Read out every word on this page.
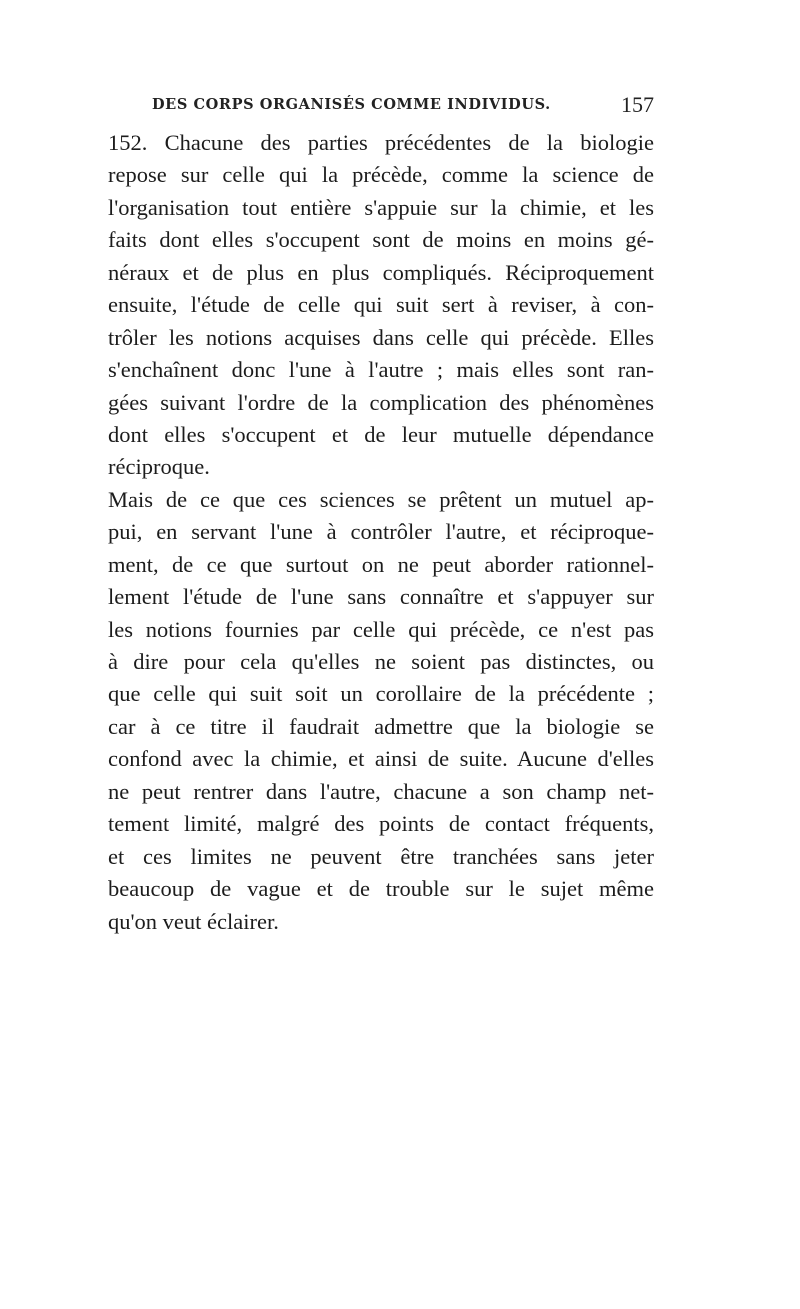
DES CORPS ORGANISÉS COMME INDIVIDUS.	157
152. Chacune des parties précédentes de la biologie
repose sur celle qui la précède, comme la science de
l'organisation tout entière s'appuie sur la chimie, et les
faits dont elles s'occupent sont de moins en moins gé-
néraux et de plus en plus compliqués. Réciproquement
ensuite, l'étude de celle qui suit sert à reviser, à con-
trôler les notions acquises dans celle qui précède. Elles
s'enchaînent donc l'une à l'autre ; mais elles sont ran-
gées suivant l'ordre de la complication des phénomènes
dont elles s'occupent et de leur mutuelle dépendance
réciproque.
Mais de ce que ces sciences se prêtent un mutuel ap-
pui, en servant l'une à contrôler l'autre, et réciproque-
ment, de ce que surtout on ne peut aborder rationnel-
lement l'étude de l'une sans connaître et s'appuyer sur
les notions fournies par celle qui précède, ce n'est pas
à dire pour cela qu'elles ne soient pas distinctes, ou
que celle qui suit soit un corollaire de la précédente ;
car à ce titre il faudrait admettre que la biologie se
confond avec la chimie, et ainsi de suite. Aucune d'elles
ne peut rentrer dans l'autre, chacune a son champ net-
tement limité, malgré des points de contact fréquents,
et ces limites ne peuvent être tranchées sans jeter
beaucoup de vague et de trouble sur le sujet même
qu'on veut éclairer.
